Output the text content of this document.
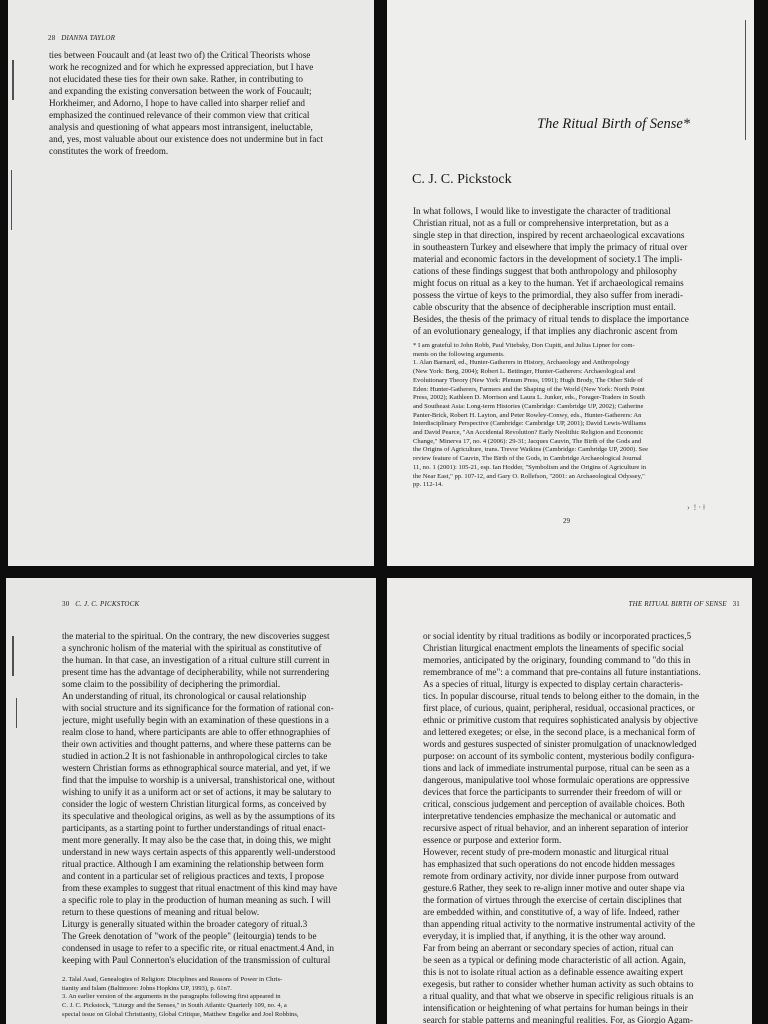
28 DIANNA TAYLOR
ties between Foucault and (at least two of) the Critical Theorists whose
work he recognized and for which he expressed appreciation, but I have
not elucidated these ties for their own sake. Rather, in contributing to
and expanding the existing conversation between the work of Foucault;
Horkheimer, and Adorno, I hope to have called into sharper relief and
emphasized the continued relevance of their common view that critical
analysis and questioning of what appears most intransigent, ineluctable,
and, yes, most valuable about our existence does not undermine but in fact
constitutes the work of freedom.
The Ritual Birth of Sense*
C. J. C. Pickstock
In what follows, I would like to investigate the character of traditional
Christian ritual, not as a full or comprehensive interpretation, but as a
single step in that direction, inspired by recent archaeological excavations
in southeastern Turkey and elsewhere that imply the primacy of ritual over
material and economic factors in the development of society.1 The impli-
cations of these findings suggest that both anthropology and philosophy
might focus on ritual as a key to the human. Yet if archaeological remains
possess the virtue of keys to the primordial, they also suffer from ineradi-
cable obscurity that the absence of decipherable inscription must entail.
Besides, the thesis of the primacy of ritual tends to displace the importance
of an evolutionary genealogy, if that implies any diachronic ascent from
* I am grateful to John Robb, Paul Vitebsky, Don Cupitt, and Julius Lipner for com-
ments on the following arguments.
1. Alan Barnard, ed., Hunter-Gatherers in History, Archaeology and Anthropology
(New York: Berg, 2004); Robert L. Bettinger, Hunter-Gatherers: Archaeological and
Evolutionary Theory (New York: Plenum Press, 1991); Hugh Brody, The Other Side of
Eden: Hunter-Gatherers, Farmers and the Shaping of the World (New York: North Point
Press, 2002); Kathleen D. Morrison and Laura L. Junker, eds., Forager-Traders in South
and Southeast Asia: Long-term Histories (Cambridge: Cambridge UP, 2002); Catherine
Panter-Brick, Robert H. Layton, and Peter Rowley-Conwy, eds., Hunter-Gatherers: An
Interdisciplinary Perspective (Cambridge: Cambridge UP, 2001); David Lewis-Williams
and David Pearce, "An Accidental Revolution? Early Neolithic Religion and Economic
Change," Minerva 17, no. 4 (2006): 29-31; Jacques Cauvin, The Birth of the Gods and
the Origins of Agriculture, trans. Trevor Watkins (Cambridge: Cambridge UP, 2000). See
review feature of Cauvin, The Birth of the Gods, in Cambridge Archaeological Journal
11, no. 1 (2001): 105-21, esp. Ian Hodder, "Symbolism and the Origins of Agriculture in
the Near East," pp. 107-12, and Gary O. Rollefson, "2001: an Archaeological Odyssey,"
pp. 112-14.
29
›  ! · ǂ
30 C. J. C. PICKSTOCK
the material to the spiritual. On the contrary, the new discoveries suggest
a synchronic holism of the material with the spiritual as constitutive of
the human. In that case, an investigation of a ritual culture still current in
present time has the advantage of decipherability, while not surrendering
some claim to the possibility of deciphering the primordial.
An understanding of ritual, its chronological or causal relationship
with social structure and its significance for the formation of rational con-
jecture, might usefully begin with an examination of these questions in a
realm close to hand, where participants are able to offer ethnographies of
their own activities and thought patterns, and where these patterns can be
studied in action.2 It is not fashionable in anthropological circles to take
western Christian forms as ethnographical source material, and yet, if we
find that the impulse to worship is a universal, transhistorical one, without
wishing to unify it as a uniform act or set of actions, it may be salutary to
consider the logic of western Christian liturgical forms, as conceived by
its speculative and theological origins, as well as by the assumptions of its
participants, as a starting point to further understandings of ritual enact-
ment more generally. It may also be the case that, in doing this, we might
understand in new ways certain aspects of this apparently well-understood
ritual practice. Although I am examining the relationship between form
and content in a particular set of religious practices and texts, I propose
from these examples to suggest that ritual enactment of this kind may have
a specific role to play in the production of human meaning as such. I will
return to these questions of meaning and ritual below.
Liturgy is generally situated within the broader category of ritual.3
The Greek denotation of "work of the people" (leitourgia) tends to be
condensed in usage to refer to a specific rite, or ritual enactment.4 And, in
keeping with Paul Connerton's elucidation of the transmission of cultural
2. Talal Asad, Genealogies of Religion: Disciplines and Reasons of Power in Chris-
tianity and Islam (Baltimore: Johns Hopkins UP, 1993), p. 61n7.
3. An earlier version of the arguments in the paragraphs following first appeared in
C. J. C. Pickstock, "Liturgy and the Senses," in South Atlantic Quarterly 109, no. 4, a
special issue on Global Christianity, Global Critique, Matthew Engelke and Joel Robbins,
THE RITUAL BIRTH OF SENSE 31
or social identity by ritual traditions as bodily or incorporated practices,5
Christian liturgical enactment emplots the lineaments of specific social
memories, anticipated by the originary, founding command to "do this in
remembrance of me": a command that pre-contains all future instantiations.
As a species of ritual, liturgy is expected to display certain characteris-
tics. In popular discourse, ritual tends to belong either to the domain, in the
first place, of curious, quaint, peripheral, residual, occasional practices, or
ethnic or primitive custom that requires sophisticated analysis by objective
and lettered exegetes; or else, in the second place, is a mechanical form of
words and gestures suspected of sinister promulgation of unacknowledged
purpose: on account of its symbolic content, mysterious bodily configura-
tions and lack of immediate instrumental purpose, ritual can be seen as a
dangerous, manipulative tool whose formulaic operations are oppressive
devices that force the participants to surrender their freedom of will or
critical, conscious judgement and perception of available choices. Both
interpretative tendencies emphasize the mechanical or automatic and
recursive aspect of ritual behavior, and an inherent separation of interior
essence or purpose and exterior form.
However, recent study of pre-modern monastic and liturgical ritual
has emphasized that such operations do not encode hidden messages
remote from ordinary activity, nor divide inner purpose from outward
gesture.6 Rather, they seek to re-align inner motive and outer shape via
the formation of virtues through the exercise of certain disciplines that
are embedded within, and constitutive of, a way of life. Indeed, rather
than appending ritual activity to the normative instrumental activity of the
everyday, it is implied that, if anything, it is the other way around.
Far from being an aberrant or secondary species of action, ritual can
be seen as a typical or defining mode characteristic of all action. Again,
this is not to isolate ritual action as a definable essence awaiting expert
exegesis, but rather to consider whether human activity as such obtains to
a ritual quality, and that what we observe in specific religious rituals is an
intensification or heightening of what pertains for human beings in their
search for stable patterns and meaningful realities. For, as Giorgio Agam-
